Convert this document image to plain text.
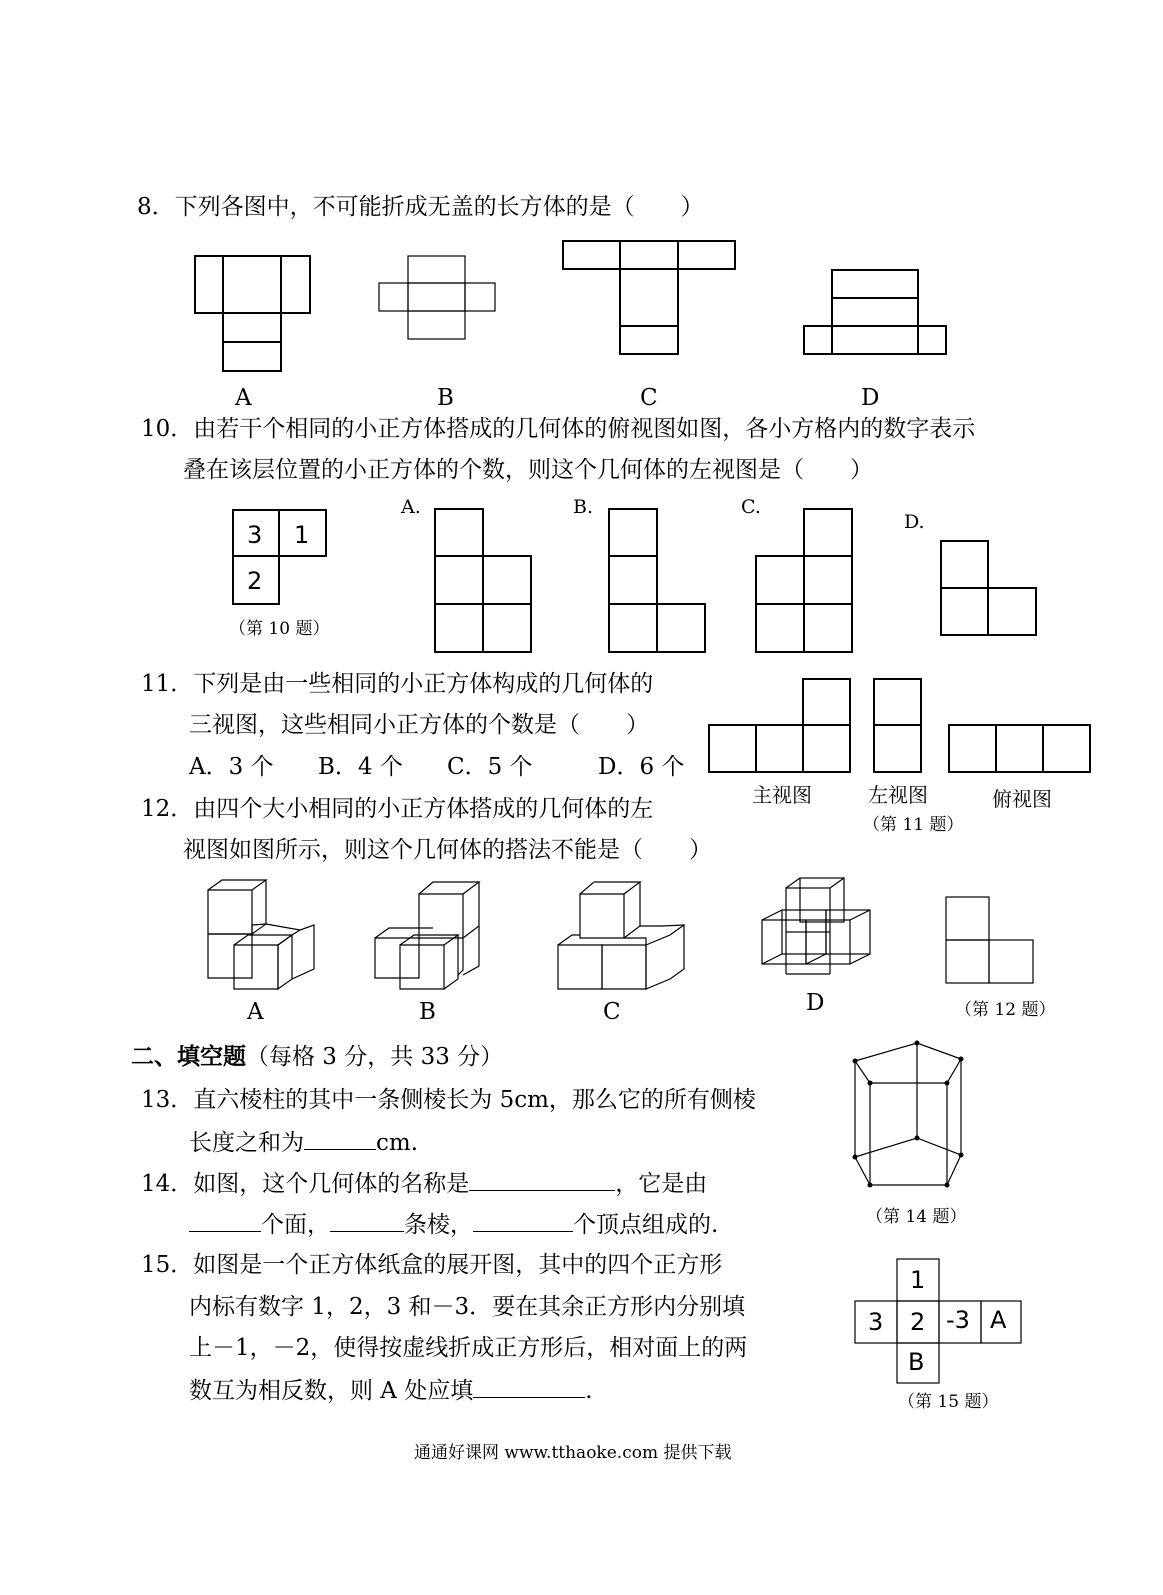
8．下列各图中，不可能折成无盖的长方体的是（　　）
A	B	C	D
10．由若干个相同的小正方体搭成的几何体的俯视图如图，各小方格内的数字表示
叠在该层位置的小正方体的个数，则这个几何体的左视图是（　　）
3 1
2
（第 10 题）
A.	B.	C.
D.
11．下列是由一些相同的小正方体构成的几何体的
三视图，这些相同小正方体的个数是（　　）
A．3 个 B．4 个 C．5 个	D．6 个
主视图	左视图	俯视图
（第 11 题）
12．由四个大小相同的小正方体搭成的几何体的左
视图如图所示，则这个几何体的搭法不能是（　　）
A	B	C	D	（第 12 题）
二、填空题（每格 3 分，共 33 分）
13．直六棱柱的其中一条侧棱长为 5cm，那么它的所有侧棱
长度之和为	cm.
14．如图，这个几何体的名称是	，它是由
个面，	条棱，	个顶点组成的.	（第 14 题）
15．如图是一个正方体纸盒的展开图，其中的四个正方形
内标有数字 1，2，3 和－3．要在其余正方形内分别填
上－1，－2，使得按虚线折成正方形后，相对面上的两
数互为相反数，则 A 处应填	.
1
3 2 -3 A
B
（第 15 题）
通通好课网 www.tthaoke.com 提供下载
